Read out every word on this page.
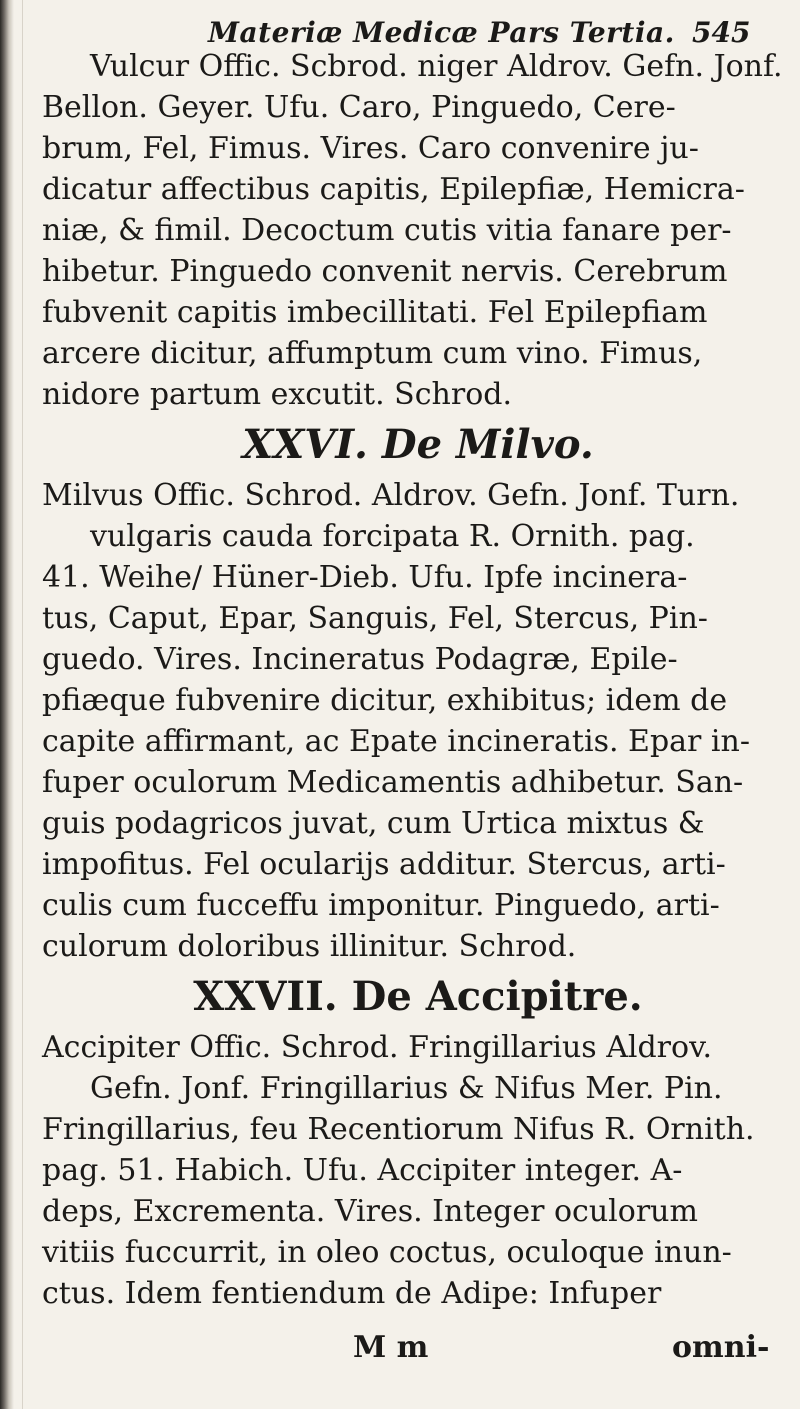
Materiæ Medicæ Pars Tertia. 545
Vulcur Offic. Scbrod. niger Aldrov. Gefn. Jonf.
Bellon. Geyer. Ufu. Caro, Pinguedo, Cere-
brum, Fel, Fimus. Vires. Caro convenire ju-
dicatur affectibus capitis, Epilepfiæ, Hemicra-
niæ, & fimil. Decoctum cutis vitia fanare per-
hibetur. Pinguedo convenit nervis. Cerebrum
fubvenit capitis imbecillitati. Fel Epilepfiam
arcere dicitur, affumptum cum vino. Fimus,
nidore partum excutit. Schrod.
XXVI. De Milvo.
Milvus Offic. Schrod. Aldrov. Gefn. Jonf. Turn.
vulgaris cauda forcipata R. Ornith. pag.
41. Weihe/ Hüner-Dieb. Ufu. Ipfe incinera-
tus, Caput, Epar, Sanguis, Fel, Stercus, Pin-
guedo. Vires. Incineratus Podagræ, Epile-
pfiæque fubvenire dicitur, exhibitus; idem de
capite affirmant, ac Epate incineratis. Epar in-
fuper oculorum Medicamentis adhibetur. San-
guis podagricos juvat, cum Urtica mixtus &
impofitus. Fel ocularijs additur. Stercus, arti-
culis cum fucceffu imponitur. Pinguedo, arti-
culorum doloribus illinitur. Schrod.
XXVII. De Accipitre.
Accipiter Offic. Schrod. Fringillarius Aldrov.
Gefn. Jonf. Fringillarius & Nifus Mer. Pin.
Fringillarius, feu Recentiorum Nifus R. Ornith.
pag. 51. Habich. Ufu. Accipiter integer. A-
deps, Excrementa. Vires. Integer oculorum
vitiis fuccurrit, in oleo coctus, oculoque inun-
ctus. Idem fentiendum de Adipe: Infuper
M m	omni-
